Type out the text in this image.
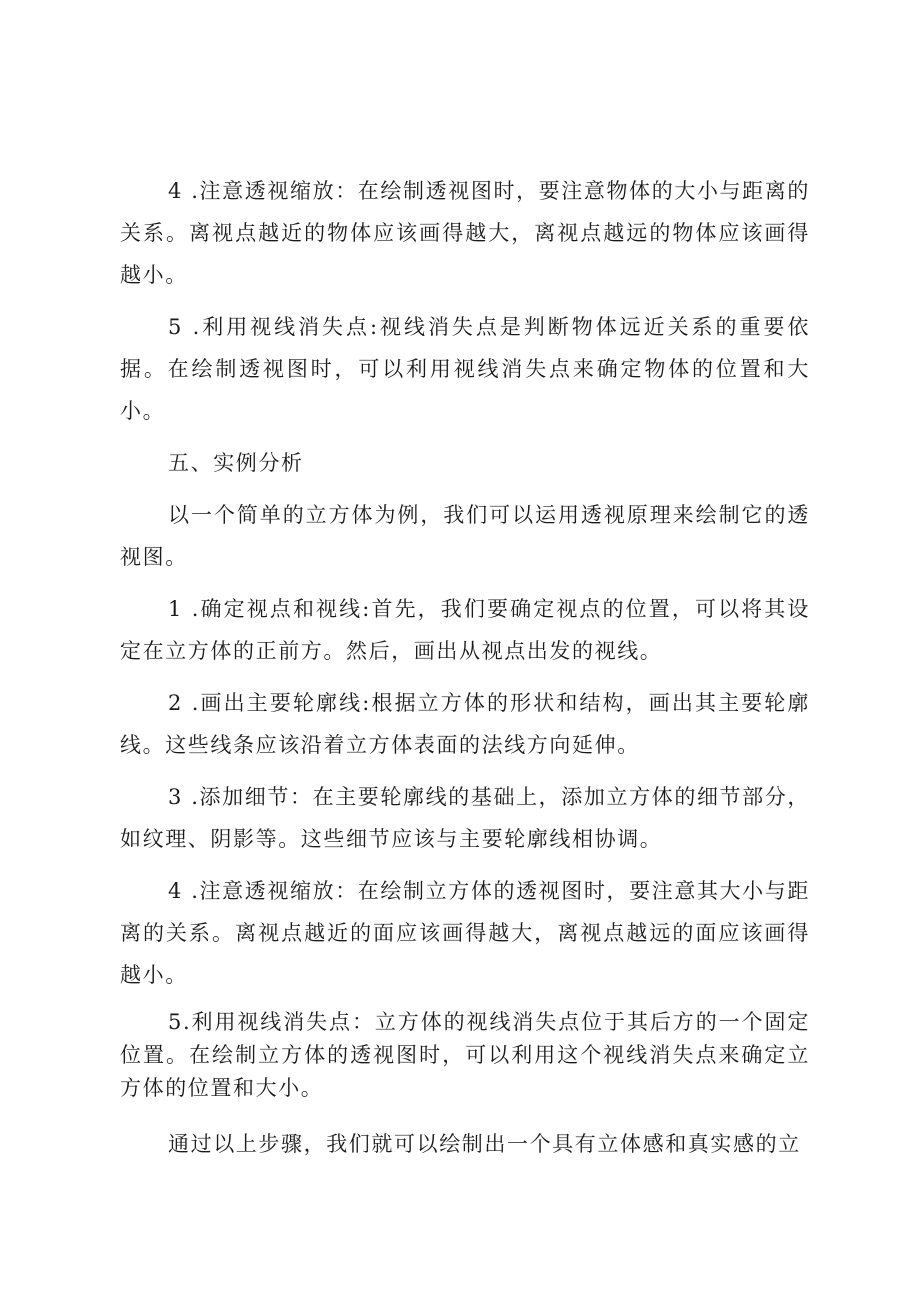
4 .注意透视缩放：在绘制透视图时，要注意物体的大小与距离的关系。离视点越近的物体应该画得越大，离视点越远的物体应该画得越小。

5 .利用视线消失点:视线消失点是判断物体远近关系的重要依据。在绘制透视图时，可以利用视线消失点来确定物体的位置和大小。

五、实例分析

以一个简单的立方体为例，我们可以运用透视原理来绘制它的透视图。

1 .确定视点和视线:首先，我们要确定视点的位置，可以将其设定在立方体的正前方。然后，画出从视点出发的视线。

2 .画出主要轮廓线:根据立方体的形状和结构，画出其主要轮廓线。这些线条应该沿着立方体表面的法线方向延伸。

3 .添加细节：在主要轮廓线的基础上，添加立方体的细节部分，如纹理、阴影等。这些细节应该与主要轮廓线相协调。

4 .注意透视缩放：在绘制立方体的透视图时，要注意其大小与距离的关系。离视点越近的面应该画得越大，离视点越远的面应该画得越小。

5.利用视线消失点：立方体的视线消失点位于其后方的一个固定位置。在绘制立方体的透视图时，可以利用这个视线消失点来确定立方体的位置和大小。

通过以上步骤，我们就可以绘制出一个具有立体感和真实感的立
